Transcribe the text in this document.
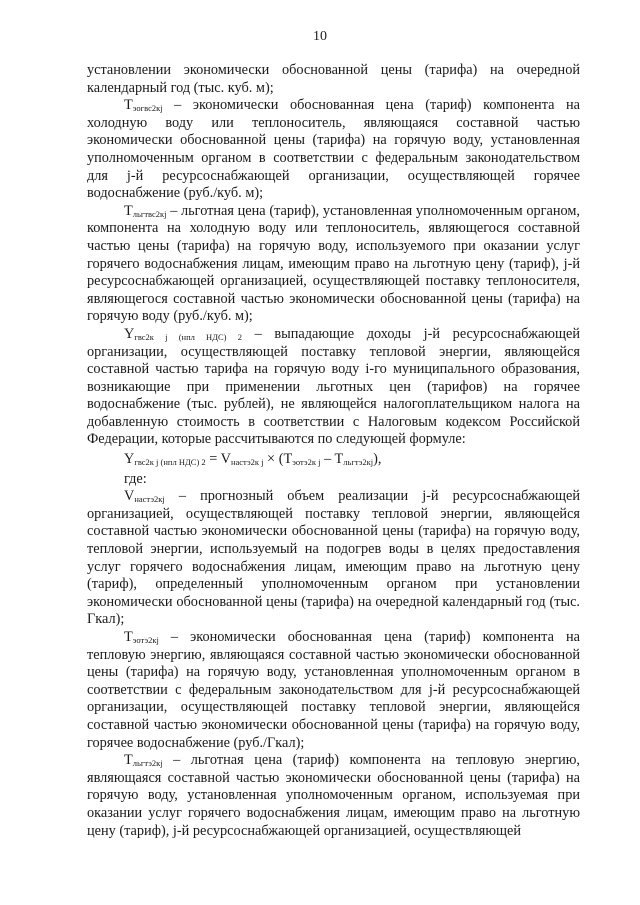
10

установлении экономически обоснованной цены (тарифа) на очередной календарный год (тыс. куб. м);

$T_{эогвс2кj}$ – экономически обоснованная цена (тариф) компонента на холодную воду или теплоноситель, являющаяся составной частью экономически обоснованной цены (тарифа) на горячую воду, установленная уполномоченным органом в соответствии с федеральным законодательством для j-й ресурсоснабжающей организации, осуществляющей горячее водоснабжение (руб./куб. м);

$T_{льгтвс2кj}$ – льготная цена (тариф), установленная уполномоченным органом, компонента на холодную воду или теплоноситель, являющегося составной частью цены (тарифа) на горячую воду, используемого при оказании услуг горячего водоснабжения лицам, имеющим право на льготную цену (тариф), j-й ресурсоснабжающей организацией, осуществляющей поставку теплоносителя, являющегося составной частью экономически обоснованной цены (тарифа) на горячую воду (руб./куб. м);

$Y_{гвс2к j (нпл НДС) 2}$ – выпадающие доходы j-й ресурсоснабжающей организации, осуществляющей поставку тепловой энергии, являющейся составной частью тарифа на горячую воду i-го муниципального образования, возникающие при применении льготных цен (тарифов) на горячее водоснабжение (тыс. рублей), не являющейся налогоплательщиком налога на добавленную стоимость в соответствии с Налоговым кодексом Российской Федерации, которые рассчитываются по следующей формуле:

$Y_{гвс2к j (нпл НДС) 2} = V_{настэ2к j} \times (T_{эотэ2к j} - T_{льгтэ2кj})$,

где:

$V_{настэ2кj}$ – прогнозный объем реализации j-й ресурсоснабжающей организацией, осуществляющей поставку тепловой энергии, являющейся составной частью экономически обоснованной цены (тарифа) на горячую воду, тепловой энергии, используемый на подогрев воды в целях предоставления услуг горячего водоснабжения лицам, имеющим право на льготную цену (тариф), определенный уполномоченным органом при установлении экономически обоснованной цены (тарифа) на очередной календарный год (тыс. Гкал);

$T_{эотэ2кj}$ – экономически обоснованная цена (тариф) компонента на тепловую энергию, являющаяся составной частью экономически обоснованной цены (тарифа) на горячую воду, установленная уполномоченным органом в соответствии с федеральным законодательством для j-й ресурсоснабжающей организации, осуществляющей поставку тепловой энергии, являющейся составной частью экономически обоснованной цены (тарифа) на горячую воду, горячее водоснабжение (руб./Гкал);

$T_{льгтэ2кj}$ – льготная цена (тариф) компонента на тепловую энергию, являющаяся составной частью экономически обоснованной цены (тарифа) на горячую воду, установленная уполномоченным органом, используемая при оказании услуг горячего водоснабжения лицам, имеющим право на льготную цену (тариф), j-й ресурсоснабжающей организацией, осуществляющей
